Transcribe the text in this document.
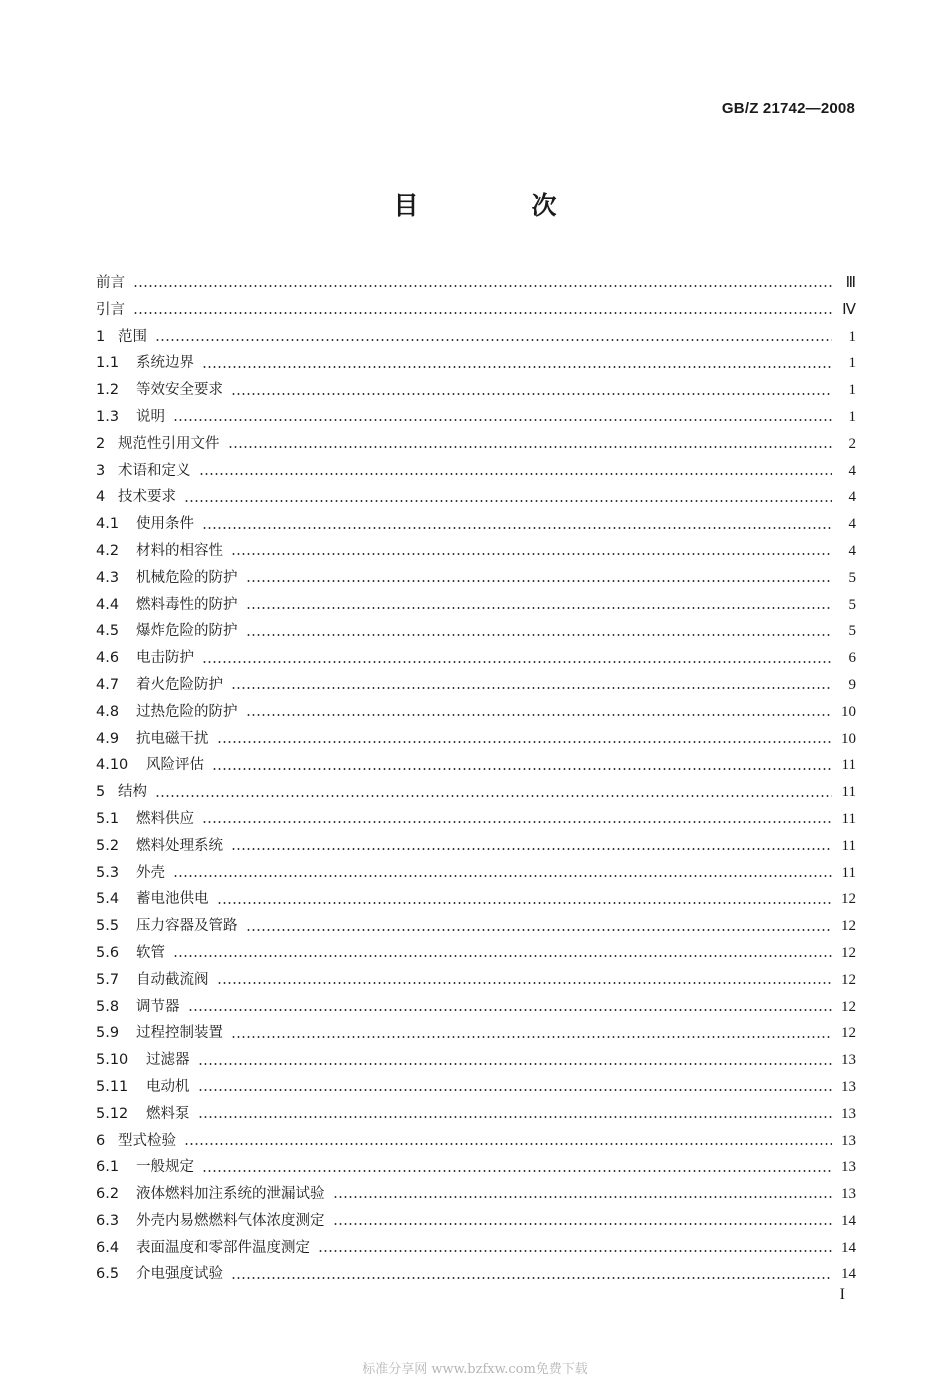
GB/Z 21742—2008
目　次
前言	Ⅲ
引言	Ⅳ
1 范围	1
1.1	系统边界	1
1.2	等效安全要求	1
1.3	说明	1
2 规范性引用文件	2
3 术语和定义	4
4 技术要求	4
4.1	使用条件	4
4.2	材料的相容性	4
4.3	机械危险的防护	5
4.4	燃料毒性的防护	5
4.5	爆炸危险的防护	5
4.6	电击防护	6
4.7	着火危险防护	9
4.8	过热危险的防护	10
4.9	抗电磁干扰	10
4.10	风险评估	11
5 结构	11
5.1	燃料供应	11
5.2	燃料处理系统	11
5.3	外壳	11
5.4	蓄电池供电	12
5.5	压力容器及管路	12
5.6	软管	12
5.7	自动截流阀	12
5.8	调节器	12
5.9	过程控制装置	12
5.10	过滤器	13
5.11	电动机	13
5.12	燃料泵	13
6 型式检验	13
6.1	一般规定	13
6.2	液体燃料加注系统的泄漏试验	13
6.3	外壳内易燃燃料气体浓度测定	14
6.4	表面温度和零部件温度测定	14
6.5	介电强度试验	14
I
标准分享网 www.bzfxw.com免费下载
